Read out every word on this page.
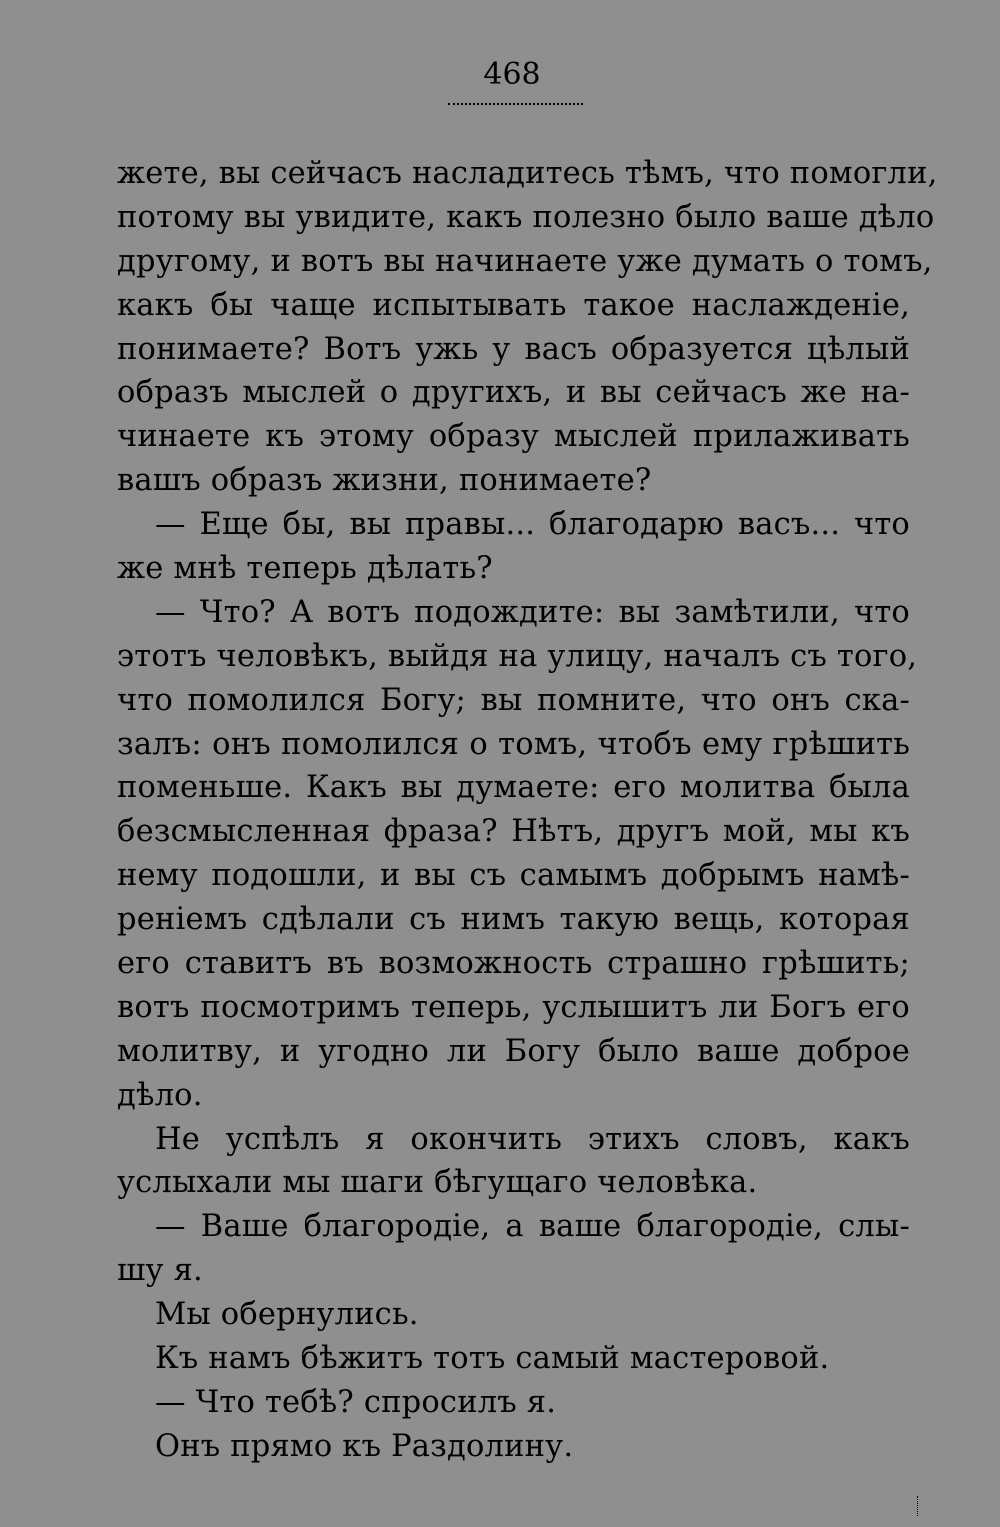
468
жете, вы сейчасъ насладитесь тѣмъ, что помогли,
потому вы увидите, какъ полезно было ваше дѣло
другому, и вотъ вы начинаете уже думать о томъ,
какъ бы чаще испытывать такое наслажденіе,
понимаете? Вотъ ужь у васъ образуется цѣлый
образъ мыслей о другихъ, и вы сейчасъ же на-
чинаете къ этому образу мыслей прилаживать
вашъ образъ жизни, понимаете?
— Еще бы, вы правы... благодарю васъ... что
же мнѣ теперь дѣлать?
— Что? А вотъ подождите: вы замѣтили, что
этотъ человѣкъ, выйдя на улицу, началъ съ того,
что помолился Богу; вы помните, что онъ ска-
залъ: онъ помолился о томъ, чтобъ ему грѣшить
поменьше. Какъ вы думаете: его молитва была
безсмысленная фраза? Нѣтъ, другъ мой, мы къ
нему подошли, и вы съ самымъ добрымъ намѣ-
реніемъ сдѣлали съ нимъ такую вещь, которая
его ставитъ въ возможность страшно грѣшить;
вотъ посмотримъ теперь, услышитъ ли Богъ его
молитву, и угодно ли Богу было ваше доброе
дѣло.
Не успѣлъ я окончить этихъ словъ, какъ
услыхали мы шаги бѣгущаго человѣка.
— Ваше благородіе, а ваше благородіе, слы-
шу я.
Мы обернулись.
Къ намъ бѣжитъ тотъ самый мастеровой.
— Что тебѣ? спросилъ я.
Онъ прямо къ Раздолину.
